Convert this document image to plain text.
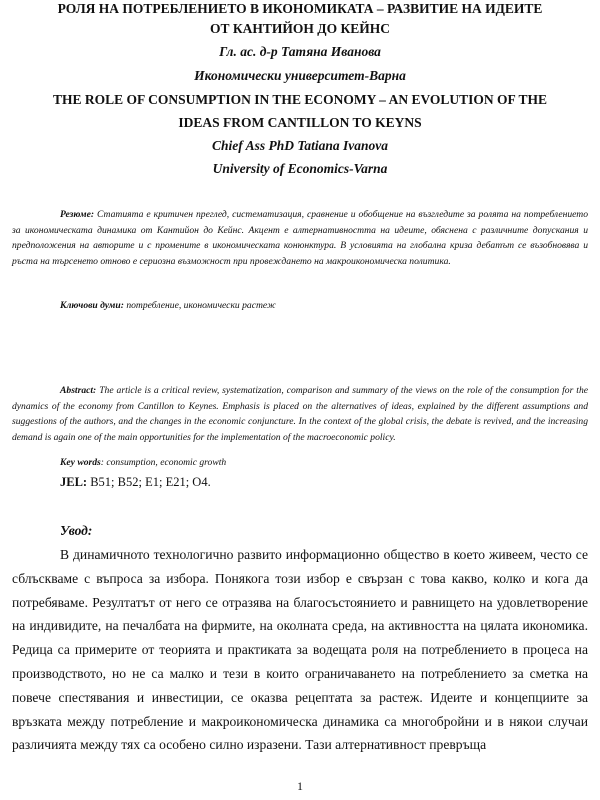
РОЛЯ НА ПОТРЕБЛЕНИЕТО В ИКОНОМИКАТА – РАЗВИТИЕ НА ИДЕИТЕ
ОТ КАНТИЙОН ДО КЕЙНС
Гл. ас. д-р Татяна Иванова
Икономически университет-Варна
THE ROLE OF CONSUMPTION IN THE ECONOMY – AN EVOLUTION OF THE
IDEAS FROM CANTILLON TO KEYNS
Chief Ass PhD Tatiana Ivanova
University of Economics-Varna
Резюме: Статията е критичен преглед, систематизация, сравнение и обобщение на възгледите за ролята на потреблението за икономическата динамика от Кантийон до Кейнс. Акцент е алтернативността на идеите, обяснена с различните допускания и предположения на авторите и с промените в икономическата конюнктура. В условията на глобална криза дебатът се възобновява и ръста на търсенето отново е сериозна възможност при провеждането на макроикономическа политика.
Ключови думи: потребление, икономически растеж
Abstract: The article is a critical review, systematization, comparison and summary of the views on the role of the consumption for the dynamics of the economy from Cantillon to Keynes. Emphasis is placed on the alternatives of ideas, explained by the different assumptions and suggestions of the authors, and the changes in the economic conjuncture. In the context of the global crisis, the debate is revived, and the increasing demand is again one of the main opportunities for the implementation of the macroeconomic policy.
Key words: consumption, economic growth
JEL: B51; B52; E1; E21; O4.
Увод:
В динамичното технологично развито информационно общество в което живеем, често се сблъскваме с въпроса за избора. Понякога този избор е свързан с това какво, колко и кога да потребяваме. Резултатът от него се отразява на благосъстоянието и равнището на удовлетворение на индивидите, на печалбата на фирмите, на околната среда, на активността на цялата икономика. Редица са примерите от теорията и практиката за водещата роля на потреблението в процеса на производството, но не са малко и тези в които ограничаването на потреблението за сметка на повече спестявания и инвестиции, се оказва рецептата за растеж. Идеите и концепциите за връзката между потребление и макроикономическа динамика са многобройни и в някои случаи различията между тях са особено силно изразени. Тази алтернативност превръща
1
